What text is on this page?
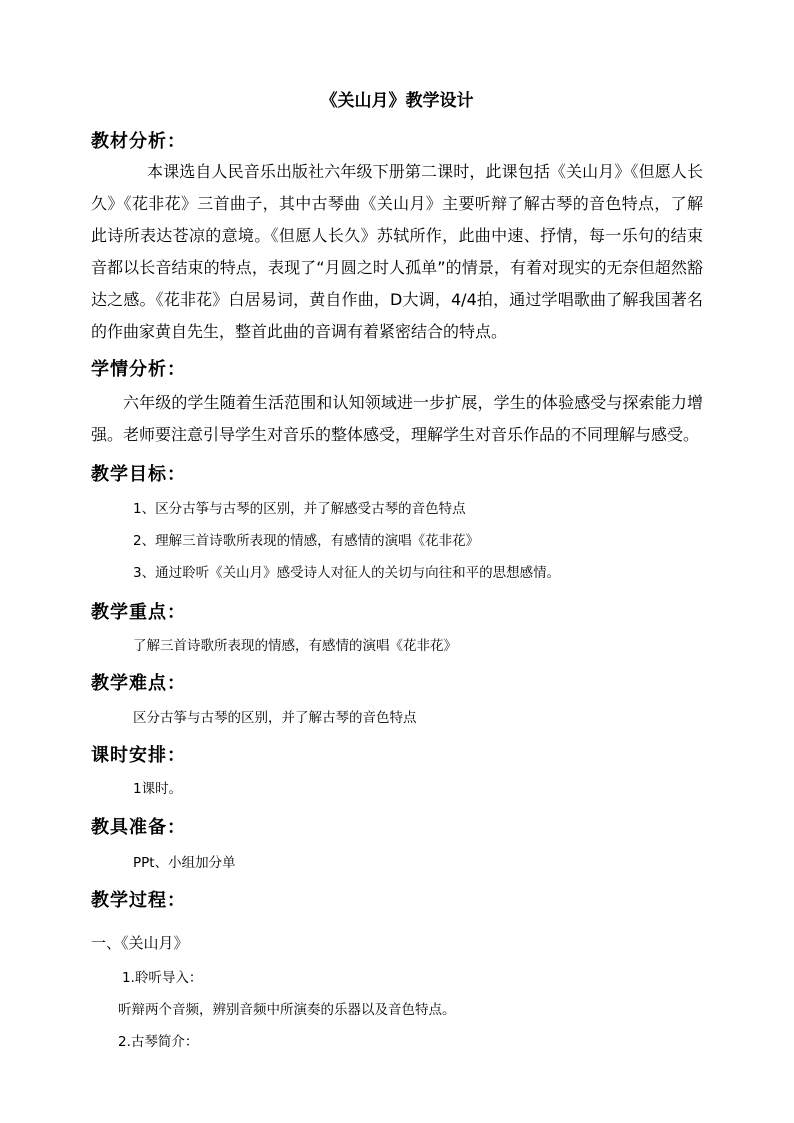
《关山月》教学设计
教材分析：
本课选自人民音乐出版社六年级下册第二课时，此课包括《关山月》《但愿人长久》《花非花》三首曲子，其中古琴曲《关山月》主要听辩了解古琴的音色特点，了解此诗所表达苍凉的意境。《但愿人长久》苏轼所作，此曲中速、抒情，每一乐句的结束音都以长音结束的特点，表现了“月圆之时人孤单”的情景，有着对现实的无奈但超然豁达之感。《花非花》白居易词，黄自作曲，D大调，4/4拍，通过学唱歌曲了解我国著名的作曲家黄自先生，整首此曲的音调有着紧密结合的特点。
学情分析：
六年级的学生随着生活范围和认知领域进一步扩展，学生的体验感受与探索能力增强。老师要注意引导学生对音乐的整体感受，理解学生对音乐作品的不同理解与感受。
教学目标：
1、区分古筝与古琴的区别，并了解感受古琴的音色特点
2、理解三首诗歌所表现的情感，有感情的演唱《花非花》
3、通过聆听《关山月》感受诗人对征人的关切与向往和平的思想感情。
教学重点：
了解三首诗歌所表现的情感，有感情的演唱《花非花》
教学难点：
区分古筝与古琴的区别，并了解古琴的音色特点
课时安排：
1课时。
教具准备：
PPt、小组加分单
教学过程：
一、《关山月》
1.聆听导入：
听辩两个音频，辨别音频中所演奏的乐器以及音色特点。
2.古琴简介：
